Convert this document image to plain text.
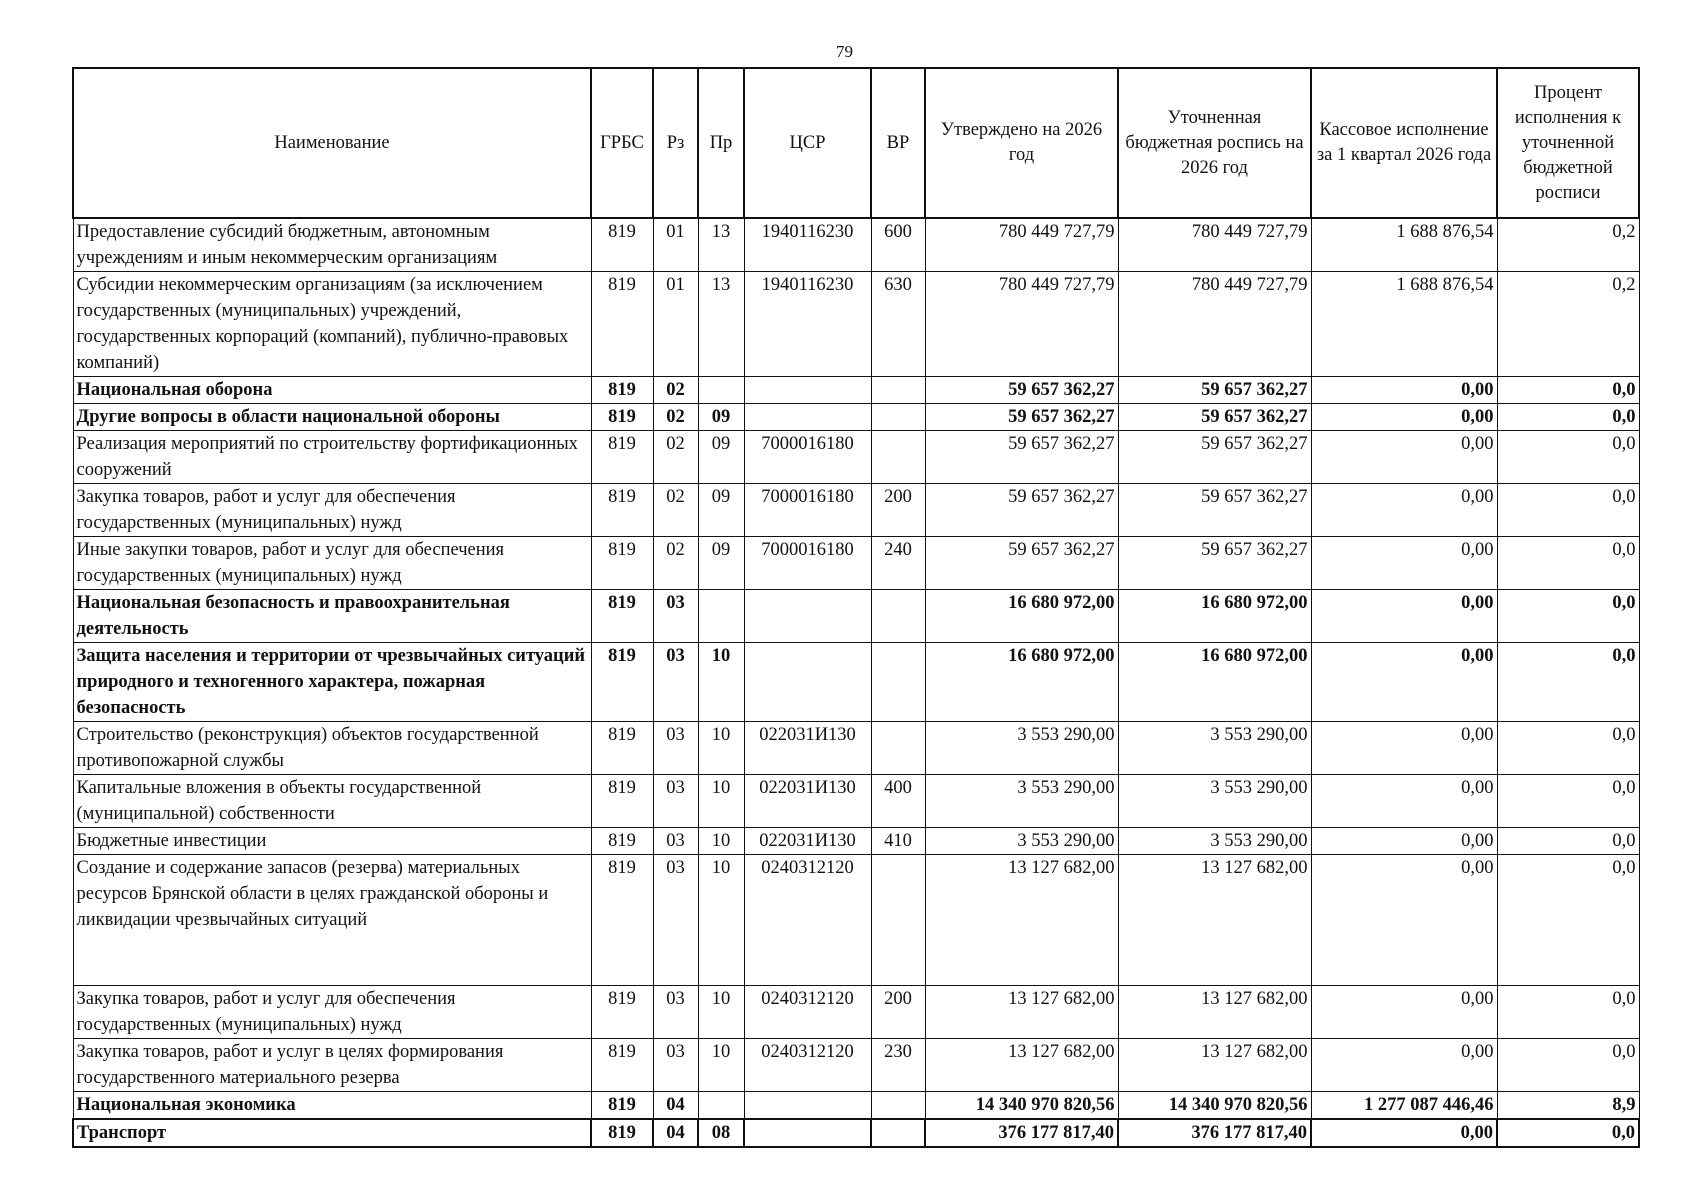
79
Наименование	ГРБС	Рз	Пр	ЦСР	ВР	Утверждено на 2026 год	Уточненная бюджетная роспись на 2026 год	Кассовое исполнение за 1 квартал 2026 года	Процент исполнения к уточненной бюджетной росписи
Предоставление субсидий бюджетным, автономным учреждениям и иным некоммерческим организациям	819	01	13	1940116230	600	780 449 727,79	780 449 727,79	1 688 876,54	0,2
Субсидии некоммерческим организациям (за исключением государственных (муниципальных) учреждений, государственных корпораций (компаний), публично-правовых компаний)	819	01	13	1940116230	630	780 449 727,79	780 449 727,79	1 688 876,54	0,2
Национальная оборона	819	02				59 657 362,27	59 657 362,27	0,00	0,0
Другие вопросы в области национальной обороны	819	02	09			59 657 362,27	59 657 362,27	0,00	0,0
Реализация мероприятий по строительству фортификационных сооружений	819	02	09	7000016180		59 657 362,27	59 657 362,27	0,00	0,0
Закупка товаров, работ и услуг для обеспечения государственных (муниципальных) нужд	819	02	09	7000016180	200	59 657 362,27	59 657 362,27	0,00	0,0
Иные закупки товаров, работ и услуг для обеспечения государственных (муниципальных) нужд	819	02	09	7000016180	240	59 657 362,27	59 657 362,27	0,00	0,0
Национальная безопасность и правоохранительная деятельность	819	03				16 680 972,00	16 680 972,00	0,00	0,0
Защита населения и территории от чрезвычайных ситуаций природного и техногенного характера, пожарная безопасность	819	03	10			16 680 972,00	16 680 972,00	0,00	0,0
Строительство (реконструкция) объектов государственной противопожарной службы	819	03	10	022031И130		3 553 290,00	3 553 290,00	0,00	0,0
Капитальные вложения в объекты государственной (муниципальной) собственности	819	03	10	022031И130	400	3 553 290,00	3 553 290,00	0,00	0,0
Бюджетные инвестиции	819	03	10	022031И130	410	3 553 290,00	3 553 290,00	0,00	0,0
Создание и содержание запасов (резерва) материальных ресурсов Брянской области в целях гражданской обороны и ликвидации чрезвычайных ситуаций	819	03	10	0240312120		13 127 682,00	13 127 682,00	0,00	0,0
Закупка товаров, работ и услуг для обеспечения государственных (муниципальных) нужд	819	03	10	0240312120	200	13 127 682,00	13 127 682,00	0,00	0,0
Закупка товаров, работ и услуг в целях формирования государственного материального резерва	819	03	10	0240312120	230	13 127 682,00	13 127 682,00	0,00	0,0
Национальная экономика	819	04				14 340 970 820,56	14 340 970 820,56	1 277 087 446,46	8,9
Транспорт	819	04	08			376 177 817,40	376 177 817,40	0,00	0,0
